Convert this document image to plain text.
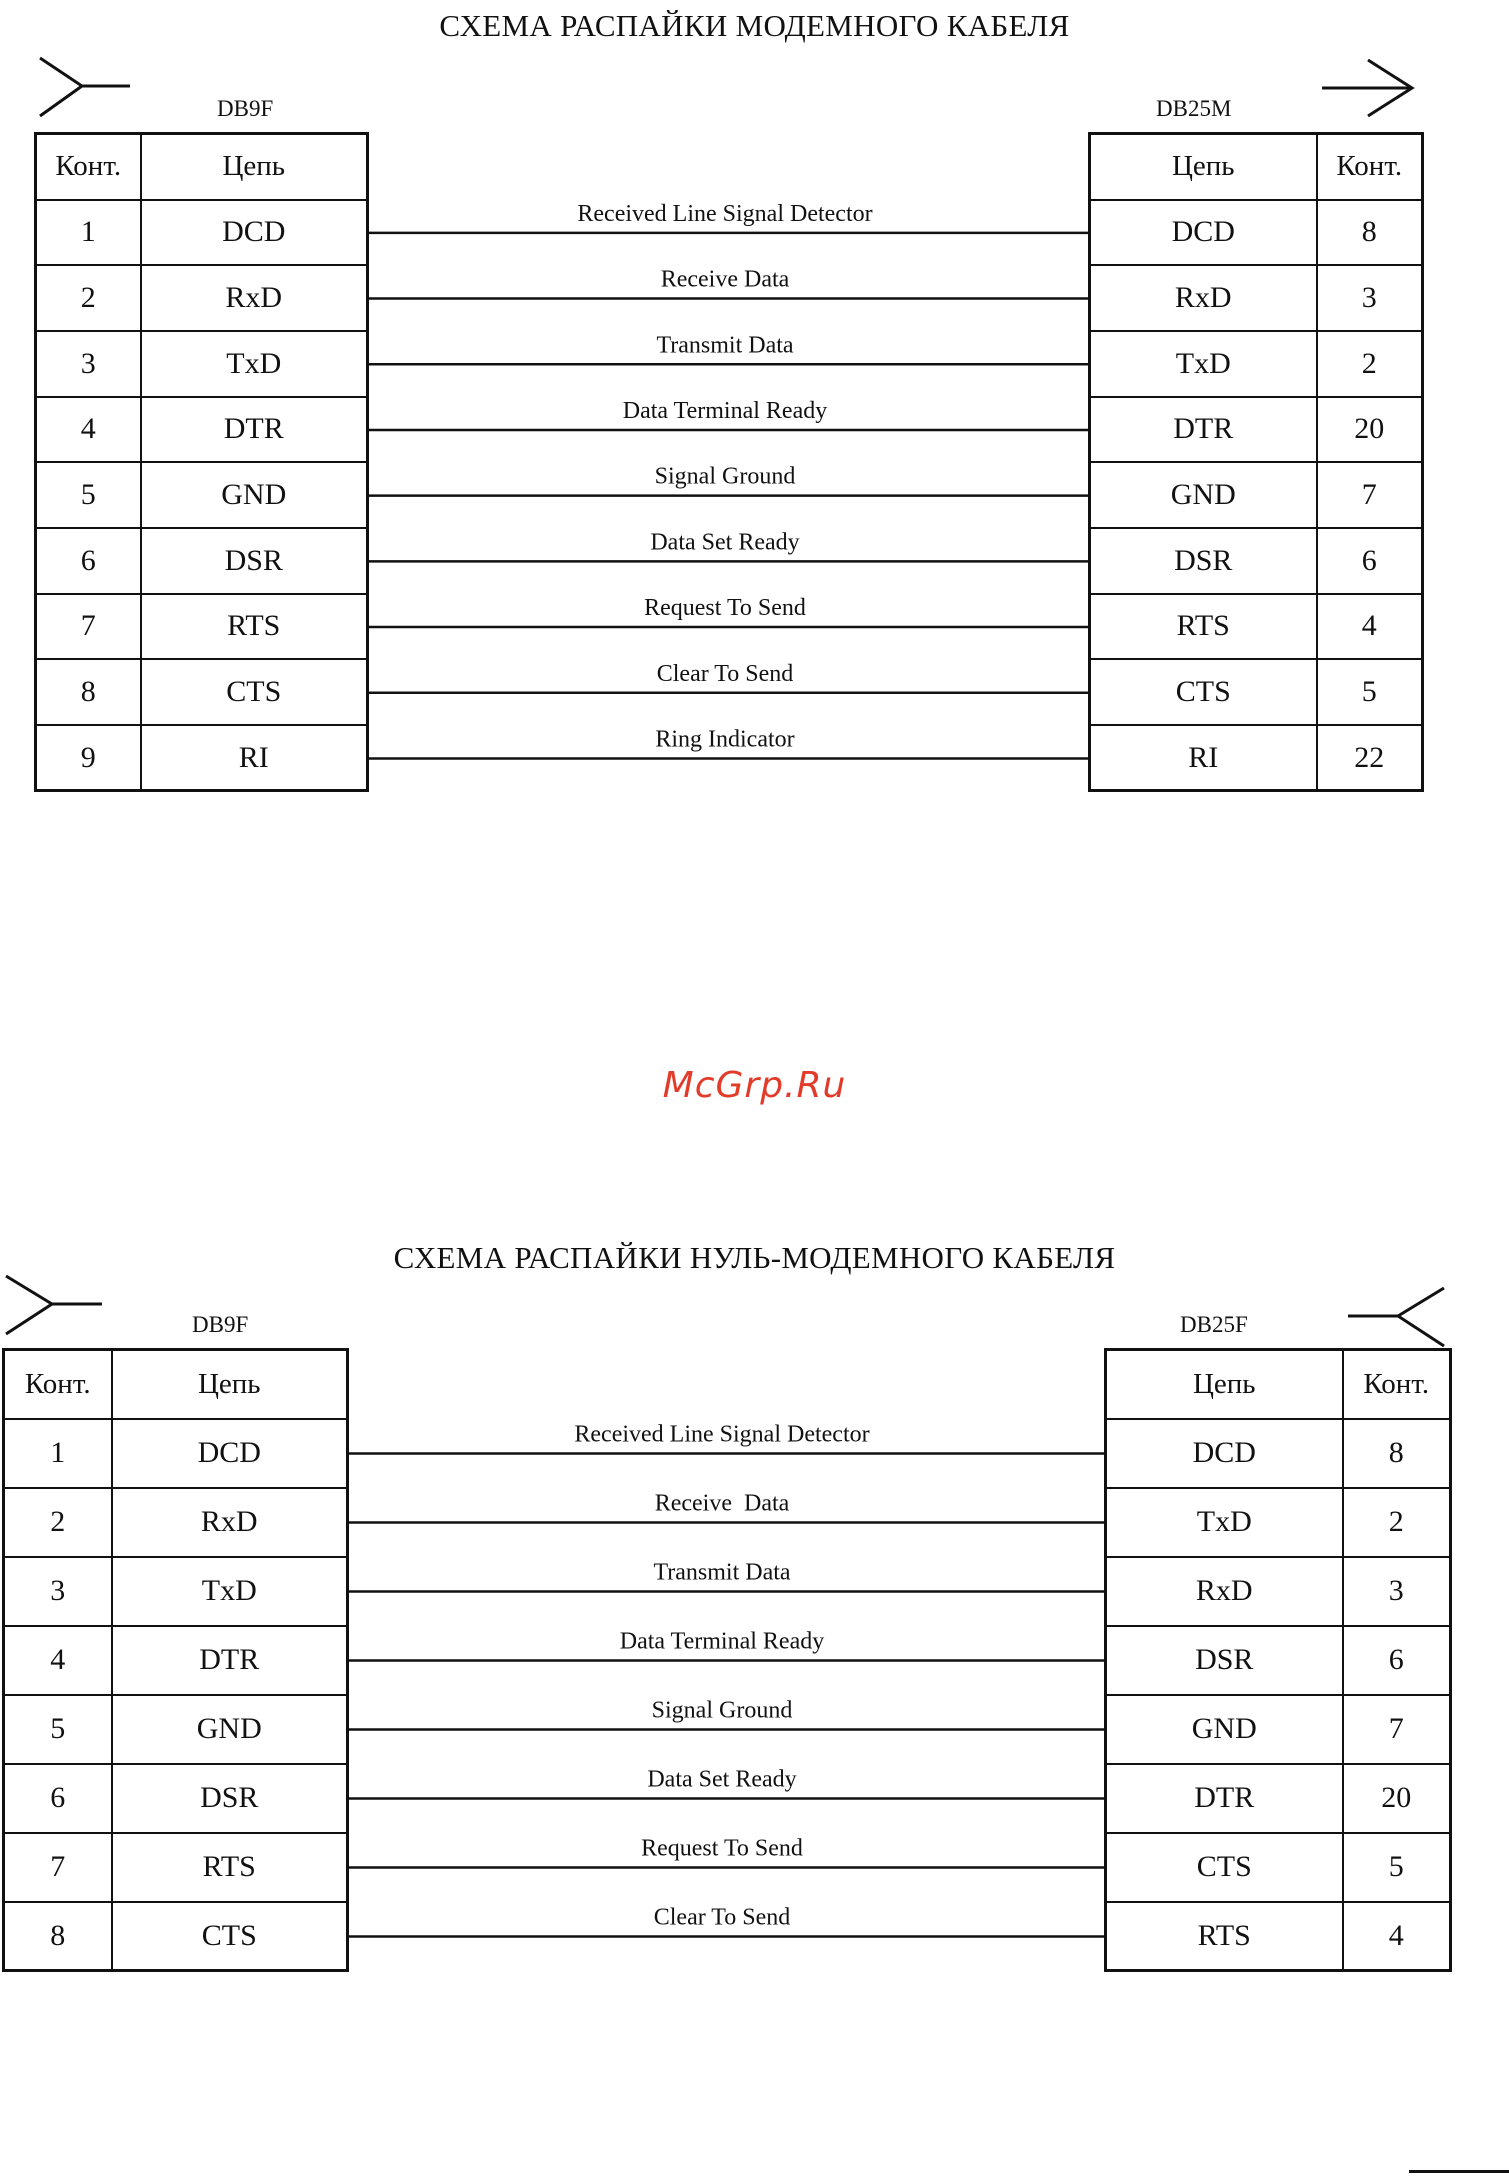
СХЕМА РАСПАЙКИ МОДЕМНОГО КАБЕЛЯ
Received Line Signal Detector
Receive Data
Transmit Data
Data Terminal Ready
Signal Ground
Data Set Ready
Request To Send
Clear To Send
Ring Indicator
DB9F	DB25M
Конт.	Цепь
1	DCD
2	RxD
3	TxD
4	DTR
5	GND
6	DSR
7	RTS
8	CTS
9	RI
Цепь	Конт.
DCD	8
RxD	3
TxD	2
DTR	20
GND	7
DSR	6
RTS	4
CTS	5
RI	22
McGrp.Ru
СХЕМА РАСПАЙКИ НУЛЬ-МОДЕМНОГО КАБЕЛЯ
Received Line Signal Detector
Receive  Data
Transmit Data
Data Terminal Ready
Signal Ground
Data Set Ready
Request To Send
Clear To Send
DB9F	DB25F
Конт.	Цепь
1	DCD
2	RxD
3	TxD
4	DTR
5	GND
6	DSR
7	RTS
8	CTS
Цепь	Конт.
DCD	8
TxD	2
RxD	3
DSR	6
GND	7
DTR	20
CTS	5
RTS	4
